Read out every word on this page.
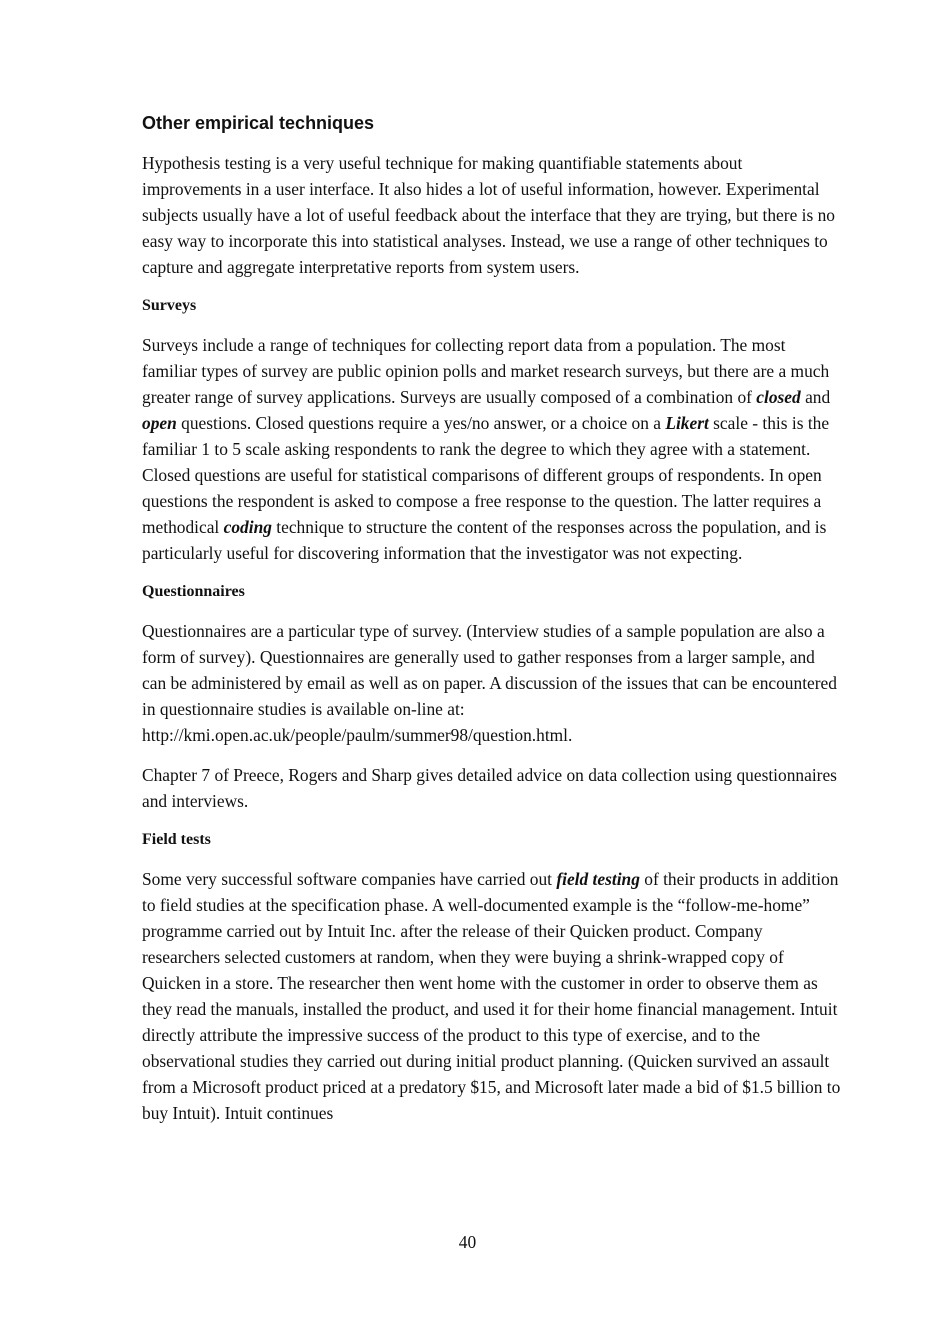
Other empirical techniques

Hypothesis testing is a very useful technique for making quantifiable statements about improvements in a user interface. It also hides a lot of useful information, however. Experimental subjects usually have a lot of useful feedback about the interface that they are trying, but there is no easy way to incorporate this into statistical analyses. Instead, we use a range of other techniques to capture and aggregate interpretative reports from system users.

Surveys

Surveys include a range of techniques for collecting report data from a population. The most familiar types of survey are public opinion polls and market research surveys, but there are a much greater range of survey applications. Surveys are usually composed of a combination of closed and open questions. Closed questions require a yes/no answer, or a choice on a Likert scale - this is the familiar 1 to 5 scale asking respondents to rank the degree to which they agree with a statement. Closed questions are useful for statistical comparisons of different groups of respondents. In open questions the respondent is asked to compose a free response to the question. The latter requires a methodical coding technique to structure the content of the responses across the population, and is particularly useful for discovering information that the investigator was not expecting.

Questionnaires

Questionnaires are a particular type of survey. (Interview studies of a sample population are also a form of survey). Questionnaires are generally used to gather responses from a larger sample, and can be administered by email as well as on paper. A discussion of the issues that can be encountered in questionnaire studies is available on-line at: http://kmi.open.ac.uk/people/paulm/summer98/question.html.

Chapter 7 of Preece, Rogers and Sharp gives detailed advice on data collection using questionnaires and interviews.

Field tests

Some very successful software companies have carried out field testing of their products in addition to field studies at the specification phase. A well-documented example is the “follow-me-home” programme carried out by Intuit Inc. after the release of their Quicken product. Company researchers selected customers at random, when they were buying a shrink-wrapped copy of Quicken in a store. The researcher then went home with the customer in order to observe them as they read the manuals, installed the product, and used it for their home financial management. Intuit directly attribute the impressive success of the product to this type of exercise, and to the observational studies they carried out during initial product planning. (Quicken survived an assault from a Microsoft product priced at a predatory $15, and Microsoft later made a bid of $1.5 billion to buy Intuit). Intuit continues

40
